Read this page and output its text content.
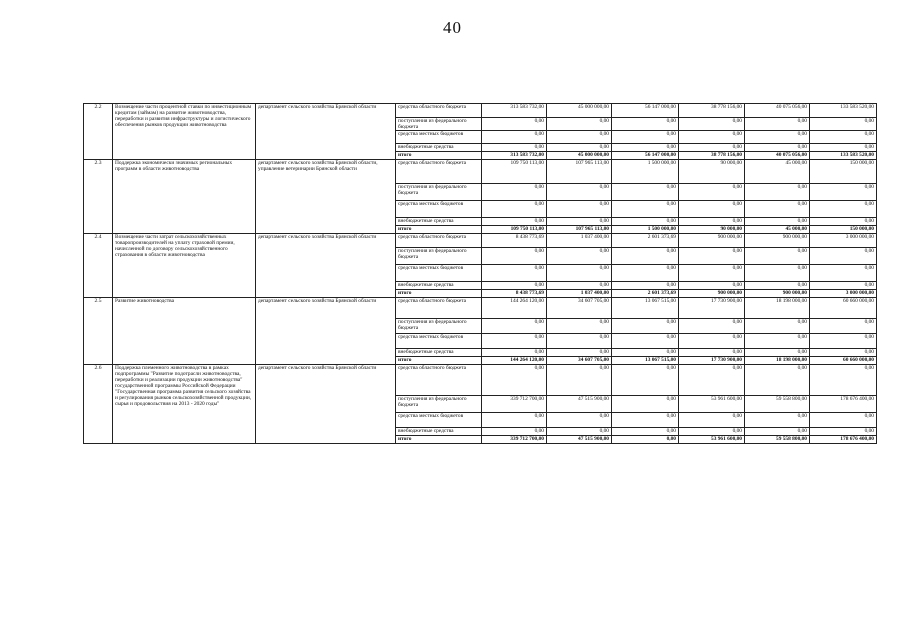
40
2.2	Возмещение части процентной ставки по инвестиционным кредитам (займам) на развитие животноводства, переработки и развития инфраструктуры и логистического обеспечения рынков продукции животноводства	департамент сельского хозяйства Брянской области	средства областного бюджета	313 583 732,00	45 000 000,00	56 147 000,00	38 778 156,00	40 075 056,00	133 583 520,00
			поступления из федерального бюджета	0,00	0,00	0,00	0,00	0,00	0,00
			средства местных бюджетов	0,00	0,00	0,00	0,00	0,00	0,00
			внебюджетные средства	0,00	0,00	0,00	0,00	0,00	0,00
			итого	313 583 732,00	45 000 000,00	56 147 000,00	38 778 156,00	40 075 056,00	133 583 520,00
2.3	Поддержка экономически значимых региональных программ в области животноводства	департамент сельского хозяйства Брянской области, управление ветеринарии Брянской области	средства областного бюджета	109 750 113,00	107 965 113,00	1 500 000,00	90 000,00	45 000,00	150 000,00
			поступления из федерального бюджета	0,00	0,00	0,00	0,00	0,00	0,00
			средства местных бюджетов	0,00	0,00	0,00	0,00	0,00	0,00
			внебюджетные средства	0,00	0,00	0,00	0,00	0,00	0,00
			итого	109 750 113,00	107 965 113,00	1 500 000,00	90 000,00	45 000,00	150 000,00
2.4	Возмещение части затрат сельскохозяйственных товаропроизводителей на уплату страховой премии, начисленной по договору сельскохозяйственного страхования в области животноводства	департамент сельского хозяйства Брянской области	средства областного бюджета	8 438 773,69	1 037 400,00	2 601 373,69	900 000,00	900 000,00	3 000 000,00
			поступления из федерального бюджета	0,00	0,00	0,00	0,00	0,00	0,00
			средства местных бюджетов	0,00	0,00	0,00	0,00	0,00	0,00
			внебюджетные средства	0,00	0,00	0,00	0,00	0,00	0,00
			итого	8 438 773,69	1 037 400,00	2 601 373,69	900 000,00	900 000,00	3 000 000,00
2.5	Развитие животноводства	департамент сельского хозяйства Брянской области	средства областного бюджета	144 264 120,00	34 607 705,00	13 067 515,00	17 730 900,00	18 198 000,00	60 660 000,00
			поступления из федерального бюджета	0,00	0,00	0,00	0,00	0,00	0,00
			средства местных бюджетов	0,00	0,00	0,00	0,00	0,00	0,00
			внебюджетные средства	0,00	0,00	0,00	0,00	0,00	0,00
			итого	144 264 120,00	34 607 705,00	13 067 515,00	17 730 900,00	18 198 000,00	60 660 000,00
2.6	Поддержка племенного животноводства в рамках подпрограммы "Развитие подотрасли животноводства, переработки и реализации продукции животноводства" государственной программы Российской Федерации "Государственная программа развития сельского хозяйства и регулирования рынков сельскохозяйственной продукции, сырья и продовольствия на 2013 - 2020 годы"	департамент сельского хозяйства Брянской области	средства областного бюджета	0,00	0,00	0,00	0,00	0,00	0,00
			поступления из федерального бюджета	339 712 700,00	47 515 900,00	0,00	53 961 600,00	59 558 800,00	178 676 400,00
			средства местных бюджетов	0,00	0,00	0,00	0,00	0,00	0,00
			внебюджетные средства	0,00	0,00	0,00	0,00	0,00	0,00
			итого	339 712 700,00	47 515 900,00	0,00	53 961 600,00	59 558 800,00	178 676 400,00
